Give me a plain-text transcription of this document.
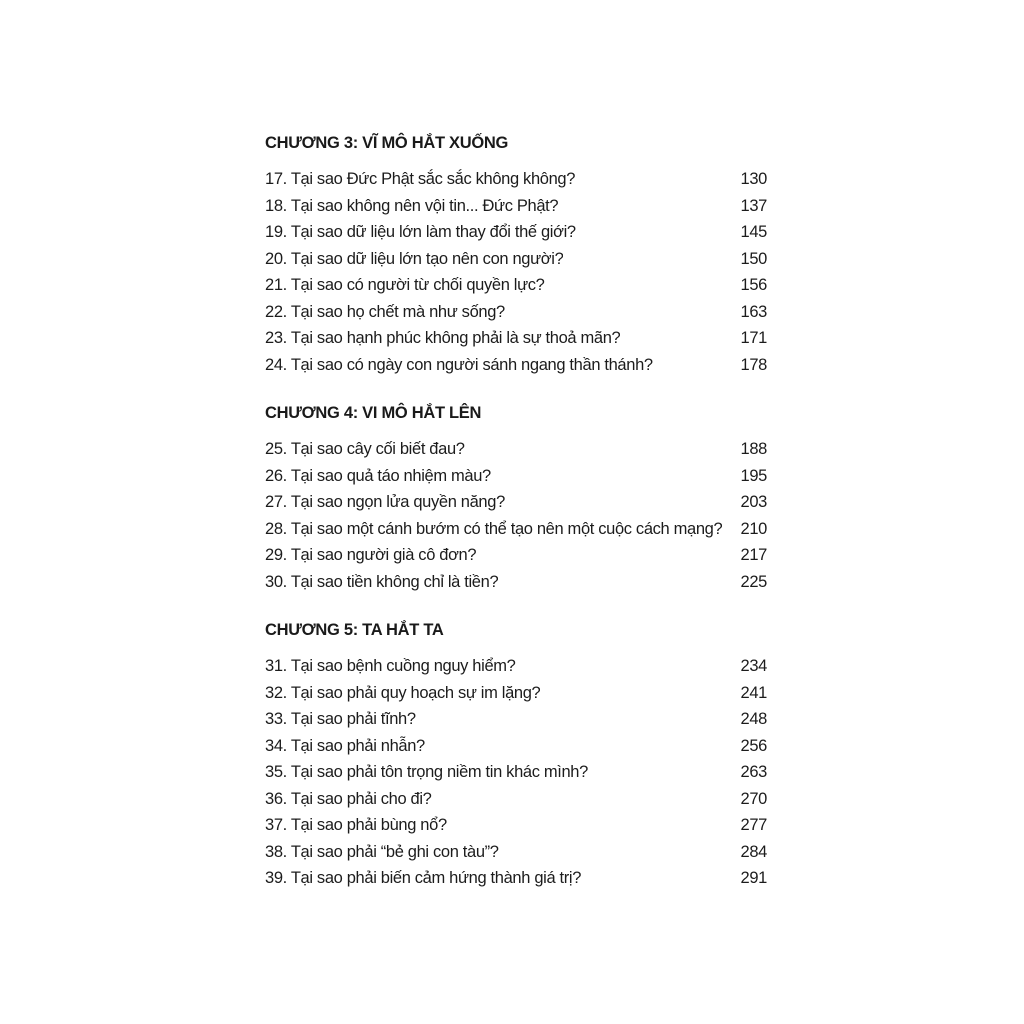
CHƯƠNG 3: VĨ MÔ HẮT XUỐNG
17. Tại sao Đức Phật sắc sắc không không?	130
18. Tại sao không nên vội tin... Đức Phật?	137
19. Tại sao dữ liệu lớn làm thay đổi thế giới?	145
20. Tại sao dữ liệu lớn tạo nên con người?	150
21. Tại sao có người từ chối quyền lực?	156
22. Tại sao họ chết mà như sống?	163
23. Tại sao hạnh phúc không phải là sự thoả mãn?	171
24. Tại sao có ngày con người sánh ngang thần thánh?	178
CHƯƠNG 4: VI MÔ HẮT LÊN
25. Tại sao cây cối biết đau?	188
26. Tại sao quả táo nhiệm màu?	195
27. Tại sao ngọn lửa quyền năng?	203
28. Tại sao một cánh bướm có thể tạo nên một cuộc cách mạng?	210
29. Tại sao người già cô đơn?	217
30. Tại sao tiền không chỉ là tiền?	225
CHƯƠNG 5: TA HẮT TA
31. Tại sao bệnh cuồng nguy hiểm?	234
32. Tại sao phải quy hoạch sự im lặng?	241
33. Tại sao phải tĩnh?	248
34. Tại sao phải nhẫn?	256
35. Tại sao phải tôn trọng niềm tin khác mình?	263
36. Tại sao phải cho đi?	270
37. Tại sao phải bùng nổ?	277
38. Tại sao phải “bẻ ghi con tàu”?	284
39. Tại sao phải biến cảm hứng thành giá trị?	291
